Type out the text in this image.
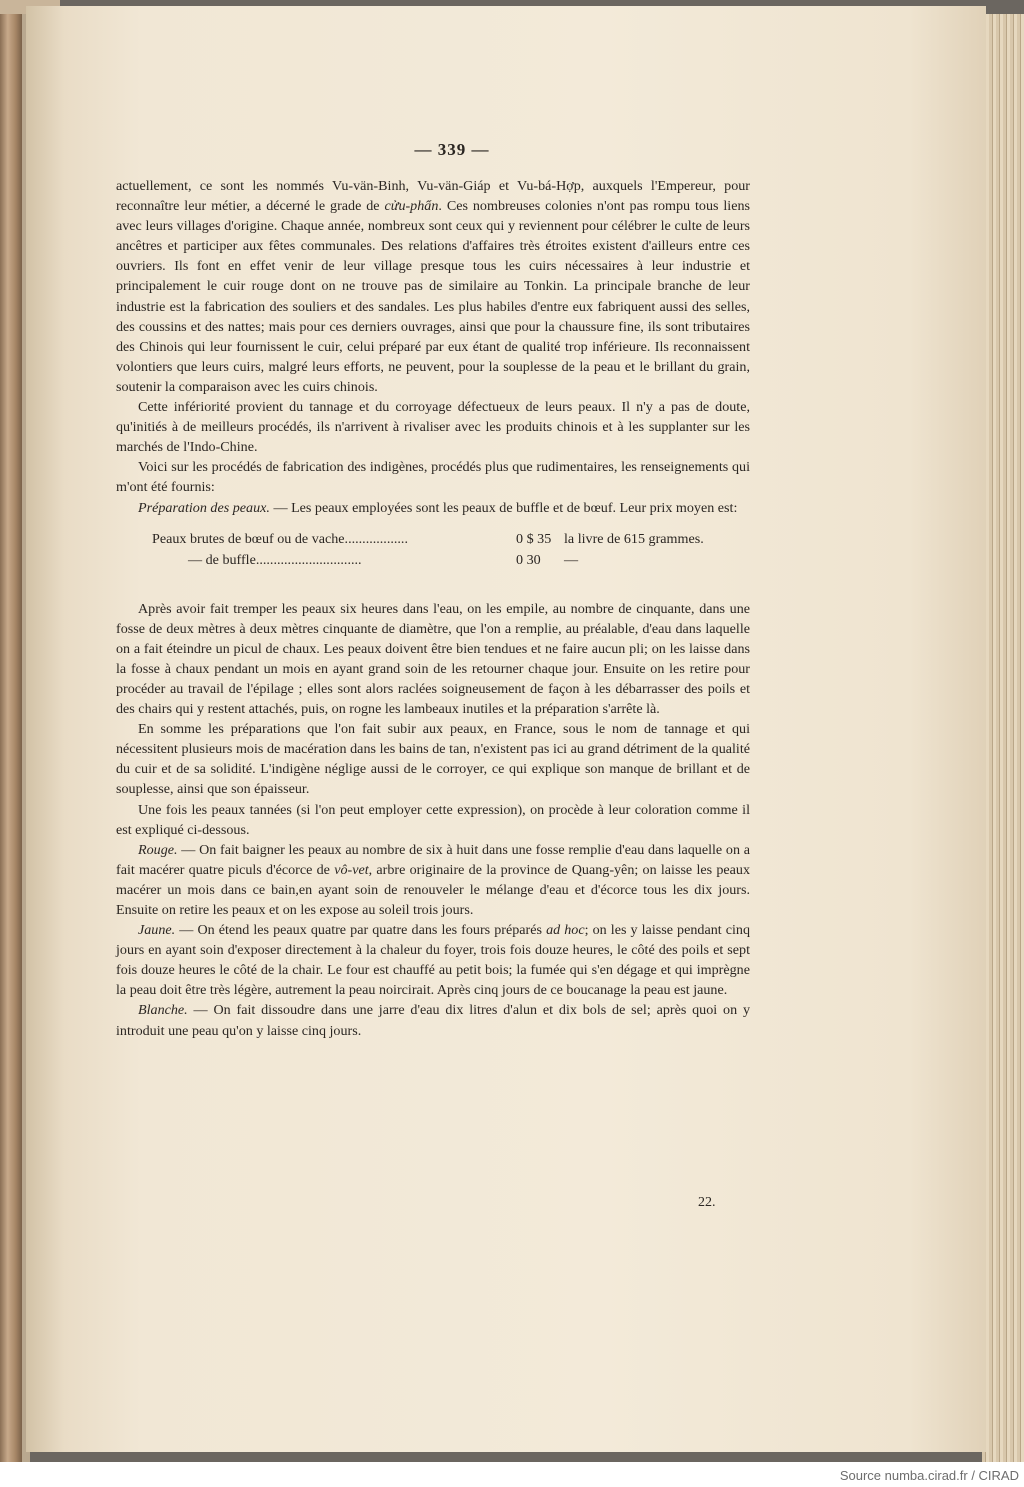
— 339 —

actuellement, ce sont les nommés Vu-vän-Binh, Vu-vän-Giáp et Vu-bá-Hợp, auxquels l'Empereur, pour reconnaître leur métier, a décerné le grade de cửu-phẩn. Ces nombreuses colonies n'ont pas rompu tous liens avec leurs villages d'origine. Chaque année, nombreux sont ceux qui y reviennent pour célébrer le culte de leurs ancêtres et participer aux fêtes communales. Des relations d'affaires très étroites existent d'ailleurs entre ces ouvriers. Ils font en effet venir de leur village presque tous les cuirs nécessaires à leur industrie et principalement le cuir rouge dont on ne trouve pas de similaire au Tonkin. La principale branche de leur industrie est la fabrication des souliers et des sandales. Les plus habiles d'entre eux fabriquent aussi des selles, des coussins et des nattes; mais pour ces derniers ouvrages, ainsi que pour la chaussure fine, ils sont tributaires des Chinois qui leur fournissent le cuir, celui préparé par eux étant de qualité trop inférieure. Ils reconnaissent volontiers que leurs cuirs, malgré leurs efforts, ne peuvent, pour la souplesse de la peau et le brillant du grain, soutenir la comparaison avec les cuirs chinois.

Cette infériorité provient du tannage et du corroyage défectueux de leurs peaux. Il n'y a pas de doute, qu'initiés à de meilleurs procédés, ils n'arrivent à rivaliser avec les produits chinois et à les supplanter sur les marchés de l'Indo-Chine.

Voici sur les procédés de fabrication des indigènes, procédés plus que rudimentaires, les renseignements qui m'ont été fournis:

Préparation des peaux. — Les peaux employées sont les peaux de buffle et de bœuf. Leur prix moyen est:

Peaux brutes de bœuf ou de vache..................	0 $ 35 la livre de 615 grammes.
— de buffle..............................	0 30	—

Après avoir fait tremper les peaux six heures dans l'eau, on les empile, au nombre de cinquante, dans une fosse de deux mètres à deux mètres cinquante de diamètre, que l'on a remplie, au préalable, d'eau dans laquelle on a fait éteindre un picul de chaux. Les peaux doivent être bien tendues et ne faire aucun pli; on les laisse dans la fosse à chaux pendant un mois en ayant grand soin de les retourner chaque jour. Ensuite on les retire pour procéder au travail de l'épilage ; elles sont alors raclées soigneusement de façon à les débarrasser des poils et des chairs qui y restent attachés, puis, on rogne les lambeaux inutiles et la préparation s'arrête là.

En somme les préparations que l'on fait subir aux peaux, en France, sous le nom de tannage et qui nécessitent plusieurs mois de macération dans les bains de tan, n'existent pas ici au grand détriment de la qualité du cuir et de sa solidité. L'indigène néglige aussi de le corroyer, ce qui explique son manque de brillant et de souplesse, ainsi que son épaisseur.

Une fois les peaux tannées (si l'on peut employer cette expression), on procède à leur coloration comme il est expliqué ci-dessous.

Rouge. — On fait baigner les peaux au nombre de six à huit dans une fosse remplie d'eau dans laquelle on a fait macérer quatre piculs d'écorce de vô-vet, arbre originaire de la province de Quang-yên; on laisse les peaux macérer un mois dans ce bain,en ayant soin de renouveler le mélange d'eau et d'écorce tous les dix jours. Ensuite on retire les peaux et on les expose au soleil trois jours.

Jaune. — On étend les peaux quatre par quatre dans les fours préparés ad hoc; on les y laisse pendant cinq jours en ayant soin d'exposer directement à la chaleur du foyer, trois fois douze heures, le côté des poils et sept fois douze heures le côté de la chair. Le four est chauffé au petit bois; la fumée qui s'en dégage et qui imprègne la peau doit être très légère, autrement la peau noircirait. Après cinq jours de ce boucanage la peau est jaune.

Blanche. — On fait dissoudre dans une jarre d'eau dix litres d'alun et dix bols de sel; après quoi on y introduit une peau qu'on y laisse cinq jours.

22.
Source numba.cirad.fr / CIRAD
